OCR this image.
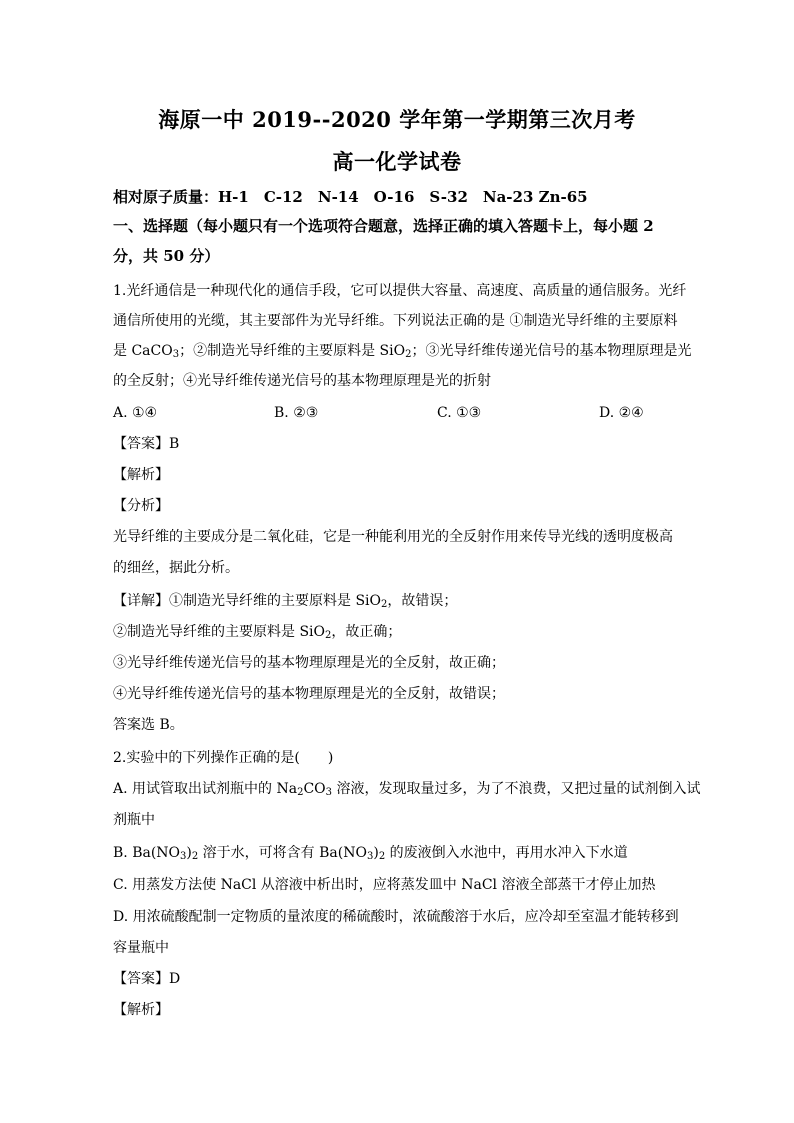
海原一中 2019--2020 学年第一学期第三次月考
高一化学试卷
相对原子质量：H-1　C-12　N-14　O-16　S-32　Na-23 Zn-65
一、选择题（每小题只有一个选项符合题意，选择正确的填入答题卡上，每小题 2
分，共 50 分）
1.光纤通信是一种现代化的通信手段，它可以提供大容量、高速度、高质量的通信服务。光纤
通信所使用的光缆，其主要部件为光导纤维。下列说法正确的是 ①制造光导纤维的主要原料
是 CaCO$_3$；②制造光导纤维的主要原料是 SiO$_2$；③光导纤维传递光信号的基本物理原理是光
的全反射；④光导纤维传递光信号的基本物理原理是光的折射
A. ①④	B. ②③	C. ①③	D. ②④
【答案】B
【解析】
【分析】
光导纤维的主要成分是二氧化硅，它是一种能利用光的全反射作用来传导光线的透明度极高
的细丝，据此分析。
【详解】①制造光导纤维的主要原料是 SiO$_2$，故错误；
②制造光导纤维的主要原料是 SiO$_2$，故正确；
③光导纤维传递光信号的基本物理原理是光的全反射，故正确；
④光导纤维传递光信号的基本物理原理是光的全反射，故错误；
答案选 B。
2.实验中的下列操作正确的是(　　)
A. 用试管取出试剂瓶中的 $Na_2CO_3$ 溶液，发现取量过多，为了不浪费，又把过量的试剂倒入试
剂瓶中
B. $Ba(NO_3)_2$ 溶于水，可将含有 $Ba(NO_3)_2$ 的废液倒入水池中，再用水冲入下水道
C. 用蒸发方法使 NaCl 从溶液中析出时，应将蒸发皿中 NaCl 溶液全部蒸干才停止加热
D. 用浓硫酸配制一定物质的量浓度的稀硫酸时，浓硫酸溶于水后，应冷却至室温才能转移到
容量瓶中
【答案】D
【解析】
